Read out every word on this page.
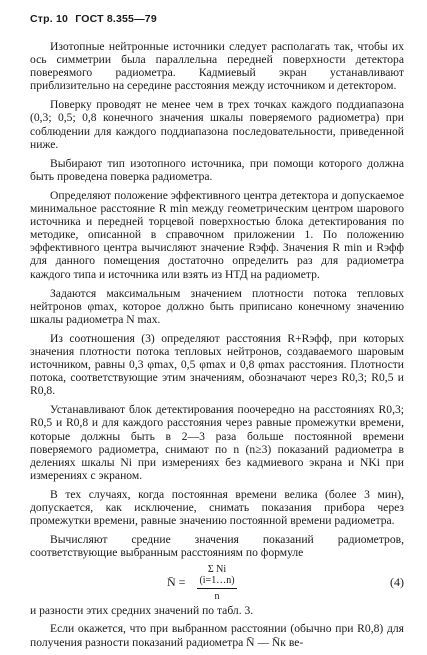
Стр. 10 ГОСТ 8.355—79

Изотопные нейтронные источники следует располагать так, чтобы их ось симметрии была параллельна передней поверхности детектора повереямого радиометра. Кадмиевый экран устанавливают приблизительно на середине расстояния между источником и детектором.

Поверку проводят не менее чем в трех точках каждого поддиапазона (0,3; 0,5; 0,8 конечного значения шкалы поверяемого радиометра) при соблюдении для каждого поддиапазона последовательности, приведенной ниже.

Выбирают тип изотопного источника, при помощи которого должна быть проведена поверка радиометра.

Определяют положение эффективного центра детектора и допускаемое минимальное расстояние R min между геометрическим центром шарового источника и передней торцевой поверхностью блока детектирования по методике, описанной в справочном приложении 1. По положению эффективного центра вычисляют значение Rэфф. Значения R min и Rэфф для данного помещения достаточно определить раз для радиометра каждого типа и источника или взять из НТД на радиометр.

Задаются максимальным значением плотности потока тепловых нейтронов φmax, которое должно быть приписано конечному значению шкалы радиометра N max.

Из соотношения (3) определяют расстояния R+Rэфф, при которых значения плотности потока тепловых нейтронов, создаваемого шаровым источником, равны 0,3 φmax, 0,5 φmax и 0,8 φmax расстояния. Плотности потока, соответствующие этим значениям, обозначают через R0,3; R0,5 и R0,8.

Устанавливают блок детектирования поочередно на расстояниях R0,3; R0,5 и R0,8 и для каждого расстояния через равные промежутки времени, которые должны быть в 2—3 раза больше постоянной времени поверяемого радиометра, снимают по n (n≥3) показаний радиометра в делениях шкалы Ni при измерениях без кадмиевого экрана и NKi при измерениях с экраном.

В тех случаях, когда постоянная времени велика (более 3 мин), допускается, как исключение, снимать показания прибора через промежутки времени, равные значению постоянной времени радиометра.

Вычисляют средние значения показаний радиометров, соответствующие выбранным расстояниям по формуле

N̄ =
Σ Ni (i=1…n)
n
(4)

и разности этих средних значений по табл. 3.

Если окажется, что при выбранном расстоянии (обычно при R0,8) для получения разности показаний радиометра N̄ — N̄к ве-
